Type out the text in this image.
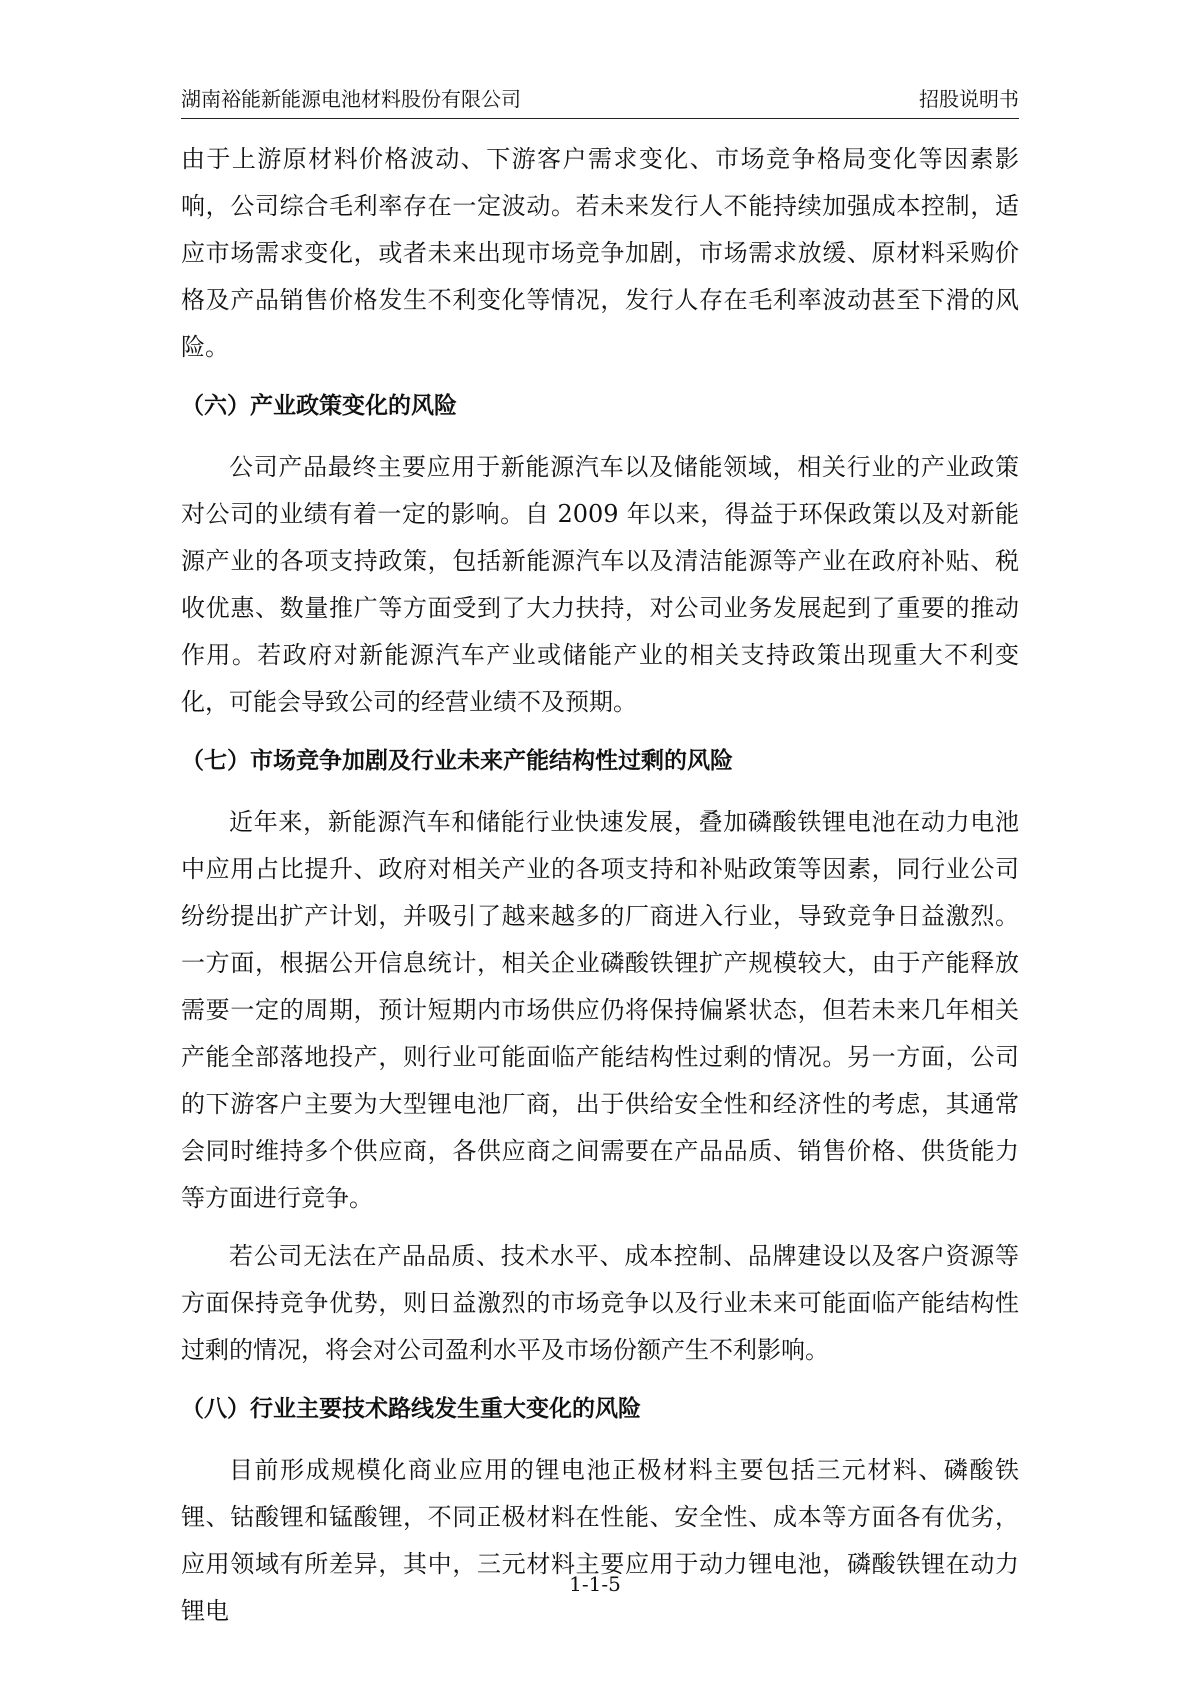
湖南裕能新能源电池材料股份有限公司	招股说明书

由于上游原材料价格波动、下游客户需求变化、市场竞争格局变化等因素影响，公司综合毛利率存在一定波动。若未来发行人不能持续加强成本控制，适应市场需求变化，或者未来出现市场竞争加剧，市场需求放缓、原材料采购价格及产品销售价格发生不利变化等情况，发行人存在毛利率波动甚至下滑的风险。

（六）产业政策变化的风险

公司产品最终主要应用于新能源汽车以及储能领域，相关行业的产业政策对公司的业绩有着一定的影响。自 2009 年以来，得益于环保政策以及对新能源产业的各项支持政策，包括新能源汽车以及清洁能源等产业在政府补贴、税收优惠、数量推广等方面受到了大力扶持，对公司业务发展起到了重要的推动作用。若政府对新能源汽车产业或储能产业的相关支持政策出现重大不利变化，可能会导致公司的经营业绩不及预期。

（七）市场竞争加剧及行业未来产能结构性过剩的风险

近年来，新能源汽车和储能行业快速发展，叠加磷酸铁锂电池在动力电池中应用占比提升、政府对相关产业的各项支持和补贴政策等因素，同行业公司纷纷提出扩产计划，并吸引了越来越多的厂商进入行业，导致竞争日益激烈。一方面，根据公开信息统计，相关企业磷酸铁锂扩产规模较大，由于产能释放需要一定的周期，预计短期内市场供应仍将保持偏紧状态，但若未来几年相关产能全部落地投产，则行业可能面临产能结构性过剩的情况。另一方面，公司的下游客户主要为大型锂电池厂商，出于供给安全性和经济性的考虑，其通常会同时维持多个供应商，各供应商之间需要在产品品质、销售价格、供货能力等方面进行竞争。

若公司无法在产品品质、技术水平、成本控制、品牌建设以及客户资源等方面保持竞争优势，则日益激烈的市场竞争以及行业未来可能面临产能结构性过剩的情况，将会对公司盈利水平及市场份额产生不利影响。

（八）行业主要技术路线发生重大变化的风险

目前形成规模化商业应用的锂电池正极材料主要包括三元材料、磷酸铁锂、钴酸锂和锰酸锂，不同正极材料在性能、安全性、成本等方面各有优劣，应用领域有所差异，其中，三元材料主要应用于动力锂电池，磷酸铁锂在动力锂电

1-1-5
